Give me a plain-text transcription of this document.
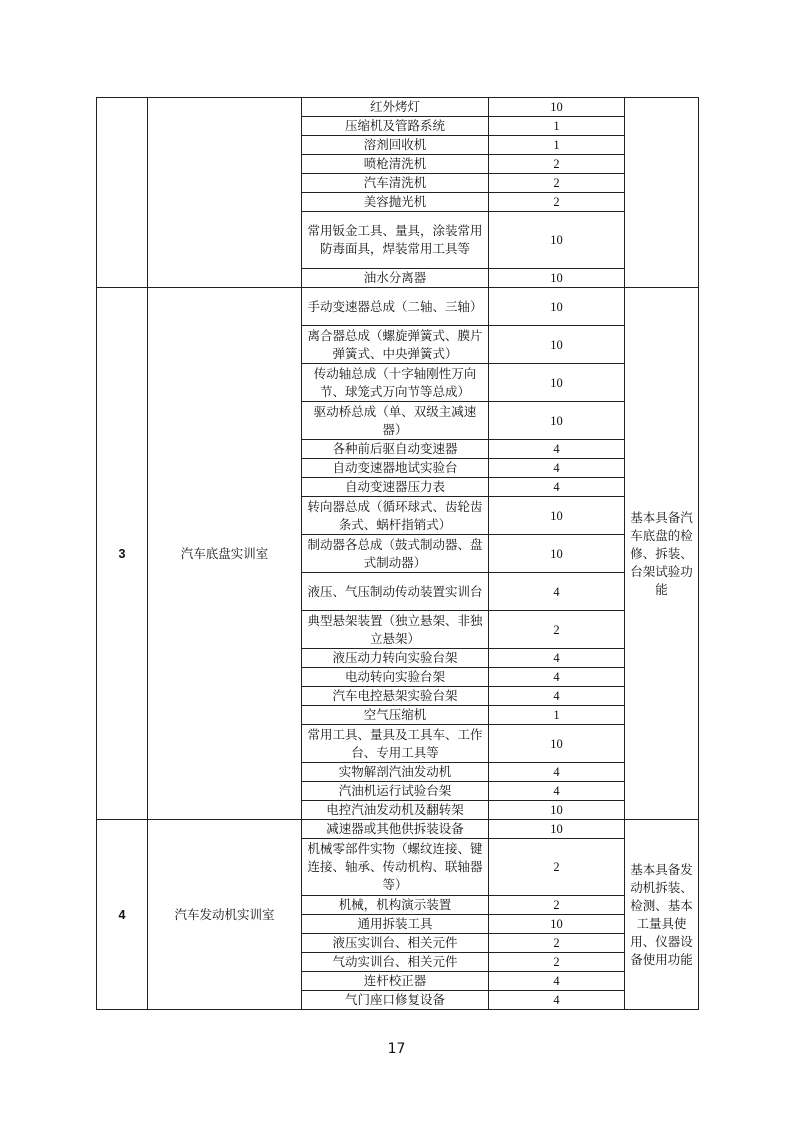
		红外烤灯	10	
		压缩机及管路系统	1	
		溶剂回收机	1	
		喷枪清洗机	2	
		汽车清洗机	2	
		美容抛光机	2	
		常用钣金工具、量具，涂装常用防毒面具，焊装常用工具等	10	
		油水分离器	10	
3	汽车底盘实训室	手动变速器总成（二轴、三轴）	10	基本具备汽车底盘的检修、拆装、台架试验功能
		离合器总成（螺旋弹簧式、膜片弹簧式、中央弹簧式）	10	
		传动轴总成（十字轴刚性万向节、球笼式万向节等总成）	10	
		驱动桥总成（单、双级主减速器）	10	
		各种前后驱自动变速器	4	
		自动变速器地试实验台	4	
		自动变速器压力表	4	
		转向器总成（循环球式、齿轮齿条式、蜗杆指销式）	10	
		制动器各总成（鼓式制动器、盘式制动器）	10	
		液压、气压制动传动装置实训台	4	
		典型悬架装置（独立悬架、非独立悬架）	2	
		液压动力转向实验台架	4	
		电动转向实验台架	4	
		汽车电控悬架实验台架	4	
		空气压缩机	1	
		常用工具、量具及工具车、工作台、专用工具等	10	
		实物解剖汽油发动机	4	
		汽油机运行试验台架	4	
		电控汽油发动机及翻转架	10	
4	汽车发动机实训室	减速器或其他供拆装设备	10	基本具备发动机拆装、检测、基本工量具使用、仪器设备使用功能
		机械零部件实物（螺纹连接、键连接、轴承、传动机构、联轴器等）	2	
		机械，机构演示装置	2	
		通用拆装工具	10	
		液压实训台、相关元件	2	
		气动实训台、相关元件	2	
		连杆校正器	4	
		气门座口修复设备	4	
17
